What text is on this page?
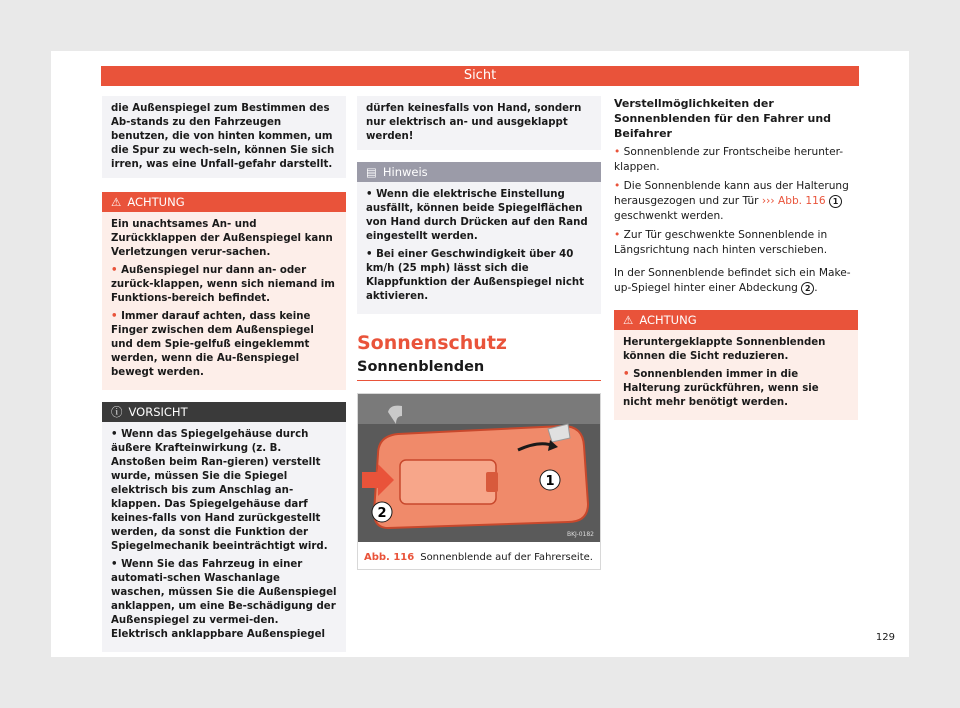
Sicht
die Außenspiegel zum Bestimmen des Ab-stands zu den Fahrzeugen benutzen, die von hinten kommen, um die Spur zu wech-seln, können Sie sich irren, was eine Unfall-gefahr darstellt.
⚠ ACHTUNG

Ein unachtsames An- und Zurückklappen der Außenspiegel kann Verletzungen verur-sachen.

• Außenspiegel nur dann an- oder zurück-klappen, wenn sich niemand im Funktions-bereich befindet.

• Immer darauf achten, dass keine Finger zwischen dem Außenspiegel und dem Spie-gelfuß eingeklemmt werden, wenn die Au-ßenspiegel bewegt werden.

ⓘ VORSICHT

• Wenn das Spiegelgehäuse durch äußere Krafteinwirkung (z. B. Anstoßen beim Ran-gieren) verstellt wurde, müssen Sie die Spiegel elektrisch bis zum Anschlag an-klappen. Das Spiegelgehäuse darf keines-falls von Hand zurückgestellt werden, da sonst die Funktion der Spiegelmechanik beeinträchtigt wird.

• Wenn Sie das Fahrzeug in einer automati-schen Waschanlage waschen, müssen Sie die Außenspiegel anklappen, um eine Be-schädigung der Außenspiegel zu vermei-den. Elektrisch anklappbare Außenspiegel

dürfen keinesfalls von Hand, sondern nur elektrisch an- und ausgeklappt werden!
▤ Hinweis

• Wenn die elektrische Einstellung ausfällt, können beide Spiegelflächen von Hand durch Drücken auf den Rand eingestellt werden.

• Bei einer Geschwindigkeit über 40 km/h (25 mph) lässt sich die Klappfunktion der Außenspiegel nicht aktivieren.

Sonnenschutz
Sonnenblenden
1
2
BKJ-0182
Abb. 116 Sonnenblende auf der Fahrerseite.
Verstellmöglichkeiten der Sonnenblenden für den Fahrer und Beifahrer

• Sonnenblende zur Frontscheibe herunter-klappen.

• Die Sonnenblende kann aus der Halterung herausgezogen und zur Tür ››› Abb. 116 1 geschwenkt werden.

• Zur Tür geschwenkte Sonnenblende in Längsrichtung nach hinten verschieben.

In der Sonnenblende befindet sich ein Make-up-Spiegel hinter einer Abdeckung 2 .

⚠ ACHTUNG

Heruntergeklappte Sonnenblenden können die Sicht reduzieren.

• Sonnenblenden immer in die Halterung zurückführen, wenn sie nicht mehr benötigt werden.

129
